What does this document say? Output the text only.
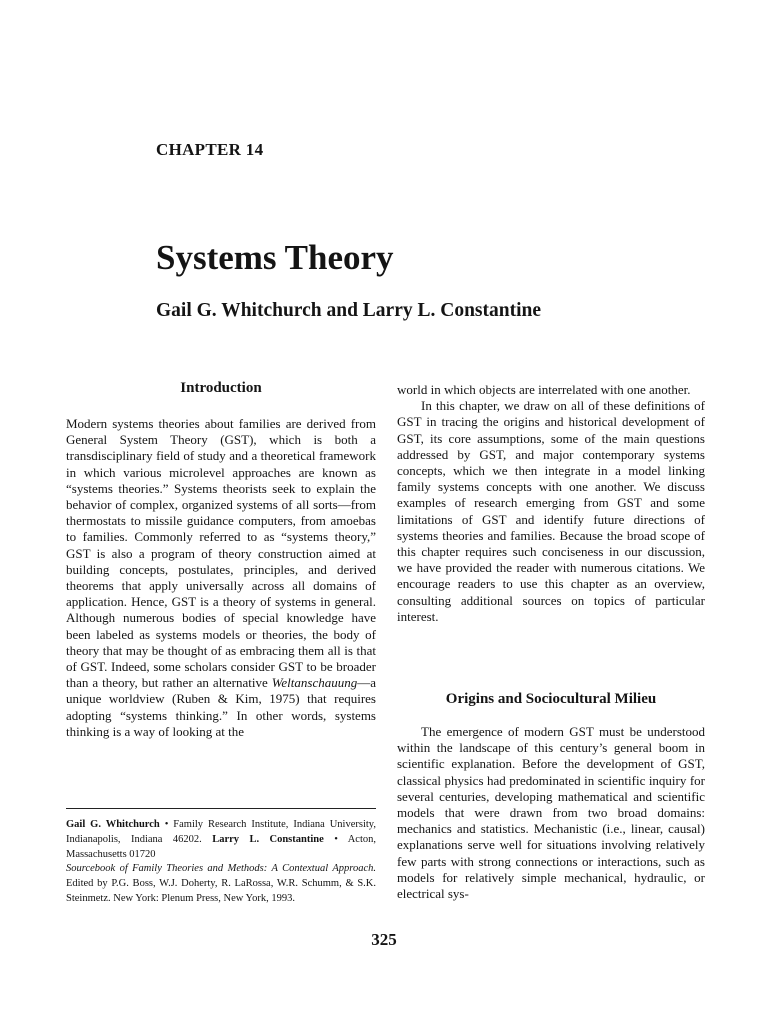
CHAPTER 14
Systems Theory
Gail G. Whitchurch and Larry L. Constantine
Introduction

Modern systems theories about families are derived from General System Theory (GST), which is both a transdisciplinary field of study and a theoretical framework in which various microlevel approaches are known as “systems theories.” Systems theorists seek to explain the behavior of complex, organized systems of all sorts—from thermostats to missile guidance computers, from amoebas to families. Commonly referred to as “systems theory,” GST is also a program of theory construction aimed at building concepts, postulates, principles, and derived theorems that apply universally across all domains of application. Hence, GST is a theory of systems in general. Although numerous bodies of special knowledge have been labeled as systems models or theories, the body of theory that may be thought of as embracing them all is that of GST. Indeed, some scholars consider GST to be broader than a theory, but rather an alternative Weltanschauung—a unique worldview (Ruben & Kim, 1975) that requires adopting “systems thinking.” In other words, systems thinking is a way of looking at the

Gail G. Whitchurch • Family Research Institute, Indiana University, Indianapolis, Indiana 46202. Larry L. Constantine • Acton, Massachusetts 01720

Sourcebook of Family Theories and Methods: A Contextual Approach. Edited by P.G. Boss, W.J. Doherty, R. LaRossa, W.R. Schumm, & S.K. Steinmetz. New York: Plenum Press, New York, 1993.

world in which objects are interrelated with one another.

In this chapter, we draw on all of these definitions of GST in tracing the origins and historical development of GST, its core assumptions, some of the main questions addressed by GST, and major contemporary systems concepts, which we then integrate in a model linking family systems concepts with one another. We discuss examples of research emerging from GST and some limitations of GST and identify future directions of systems theories and families. Because the broad scope of this chapter requires such conciseness in our discussion, we have provided the reader with numerous citations. We encourage readers to use this chapter as an overview, consulting additional sources on topics of particular interest.

Origins and Sociocultural Milieu

The emergence of modern GST must be understood within the landscape of this century’s general boom in scientific explanation. Before the development of GST, classical physics had predominated in scientific inquiry for several centuries, developing mathematical and scientific models that were drawn from two broad domains: mechanics and statistics. Mechanistic (i.e., linear, causal) explanations serve well for situations involving relatively few parts with strong connections or interactions, such as models for relatively simple mechanical, hydraulic, or electrical sys-

325
